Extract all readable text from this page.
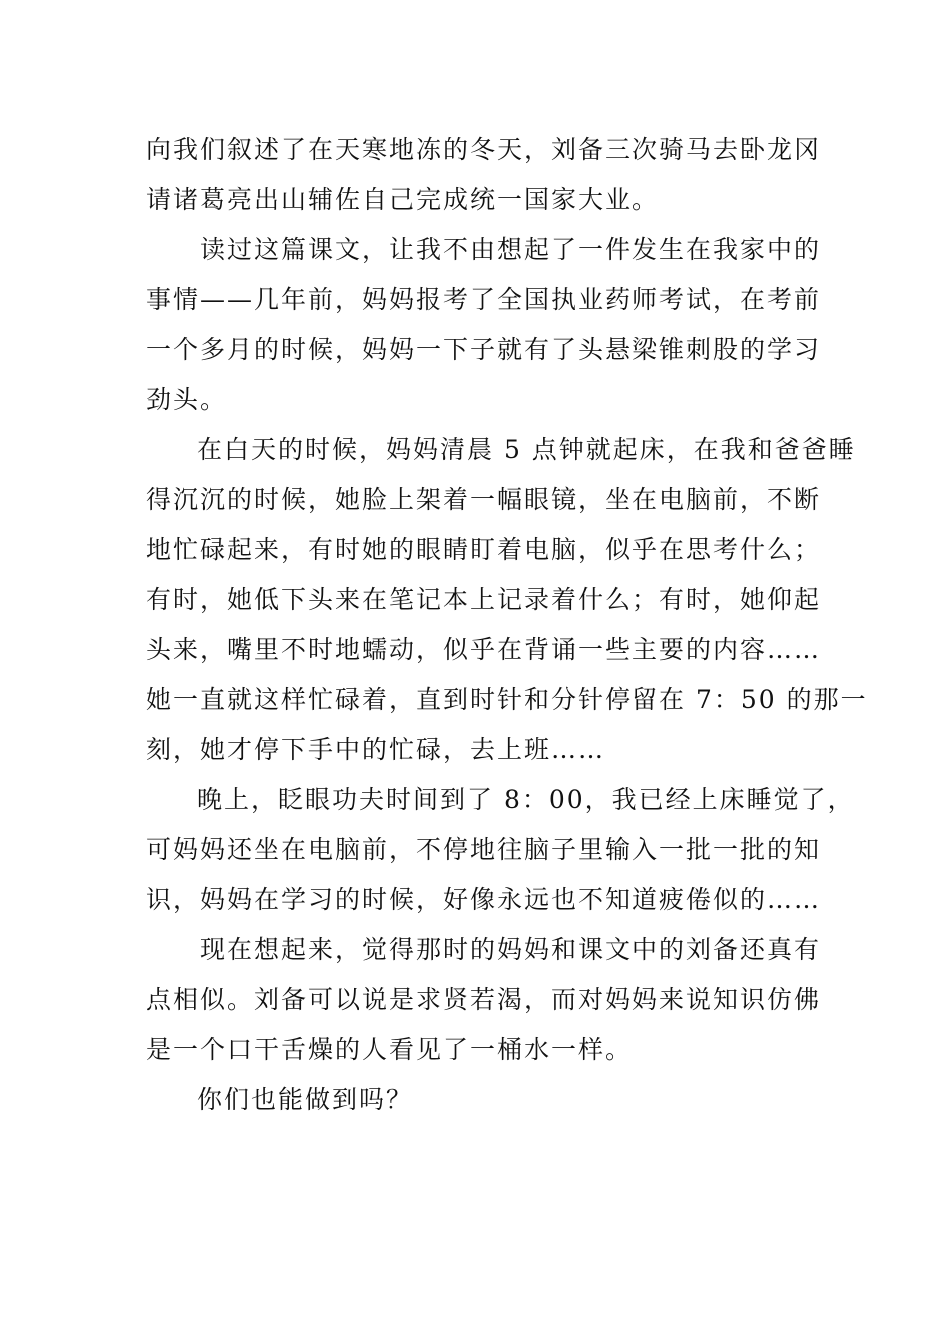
向我们叙述了在天寒地冻的冬天，刘备三次骑马去卧龙冈

请诸葛亮出山辅佐自己完成统一国家大业。

读过这篇课文，让我不由想起了一件发生在我家中的

事情——几年前，妈妈报考了全国执业药师考试，在考前

一个多月的时候，妈妈一下子就有了头悬梁锥刺股的学习

劲头。

在白天的时候，妈妈清晨 5 点钟就起床，在我和爸爸睡

得沉沉的时候，她脸上架着一幅眼镜，坐在电脑前，不断

地忙碌起来，有时她的眼睛盯着电脑，似乎在思考什么；

有时，她低下头来在笔记本上记录着什么；有时，她仰起

头来，嘴里不时地蠕动，似乎在背诵一些主要的内容……

她一直就这样忙碌着，直到时针和分针停留在 7：50 的那一

刻，她才停下手中的忙碌，去上班……

晚上，眨眼功夫时间到了 8：00，我已经上床睡觉了，

可妈妈还坐在电脑前，不停地往脑子里输入一批一批的知

识，妈妈在学习的时候，好像永远也不知道疲倦似的……

现在想起来，觉得那时的妈妈和课文中的刘备还真有

点相似。刘备可以说是求贤若渴，而对妈妈来说知识仿佛

是一个口干舌燥的人看见了一桶水一样。

你们也能做到吗？
